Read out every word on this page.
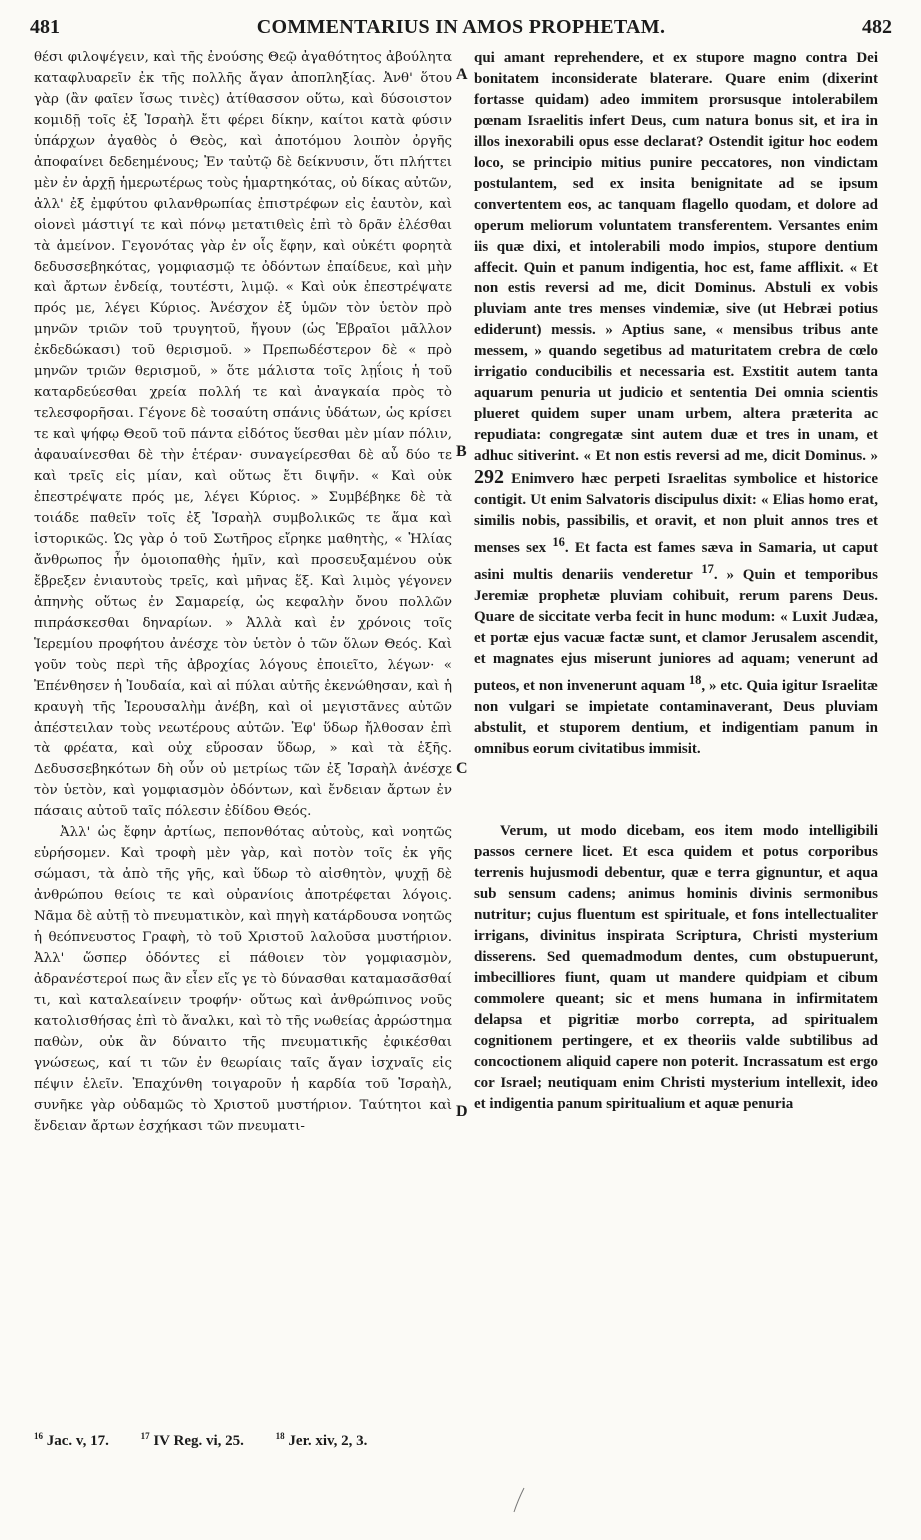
481	COMMENTARIUS IN AMOS PROPHETAM.	482

θέσι φιλοψέγειν, καὶ τῆς ἐνούσης Θεῷ ἀγαθότητος ἀβούλητα καταφλυαρεῖν ἐκ τῆς πολλῆς ἄγαν ἀποπληξίας. Ἀνθ' ὅτου γὰρ (ἂν φαῖεν ἴσως τινὲς) ἀτίθασσον οὕτω, καὶ δύσοιστον κομιδῇ τοῖς ἐξ Ἰσραὴλ ἔτι φέρει δίκην, καίτοι κατὰ φύσιν ὑπάρχων ἀγαθὸς ὁ Θεὸς, καὶ ἀποτόμου λοιπὸν ὀργῆς ἀποφαίνει δεδεημένους; Ἐν ταὐτῷ δὲ δείκνυσιν, ὅτι πλήττει μὲν ἐν ἀρχῇ ἡμερωτέρως τοὺς ἡμαρτηκότας, οὐ δίκας αὐτῶν, ἀλλ' ἐξ ἐμφύτου φιλανθρωπίας ἐπιστρέφων εἰς ἑαυτὸν, καὶ οἱονεὶ μάστιγί τε καὶ πόνῳ μετατιθεὶς ἐπὶ τὸ δρᾶν ἐλέσθαι τὰ ἀμείνον. Γεγονότας γὰρ ἐν οἷς ἔφην, καὶ οὐκέτι φορητὰ δεδυσσεβηκότας, γομφιασμῷ τε ὀδόντων ἐπαίδευε, καὶ μὴν καὶ ἄρτων ἐνδείᾳ, τουτέστι, λιμῷ. « Καὶ οὐκ ἐπεστρέψατε πρός με, λέγει Κύριος. Ἀνέσχον ἐξ ὑμῶν τὸν ὑετὸν πρὸ μηνῶν τριῶν τοῦ τρυγητοῦ, ἤγουν (ὡς Ἑβραῖοι μᾶλλον ἐκδεδώκασι) τοῦ θερισμοῦ. » Πρεπωδέστερον δὲ « πρὸ μηνῶν τριῶν θερισμοῦ, » ὅτε μάλιστα τοῖς λῃΐοις ἡ τοῦ καταρδεύεσθαι χρεία πολλή τε καὶ ἀναγκαία πρὸς τὸ τελεσφορῆσαι. Γέγονε δὲ τοσαύτη σπάνις ὑδάτων, ὡς κρίσει τε καὶ ψήφῳ Θεοῦ τοῦ πάντα εἰδότος ὕεσθαι μὲν μίαν πόλιν, ἀφαυαίνεσθαι δὲ τὴν ἑτέραν· συναγείρεσθαι δὲ αὖ δύο τε καὶ τρεῖς εἰς μίαν, καὶ οὕτως ἔτι διψῆν. « Καὶ οὐκ ἐπεστρέψατε πρός με, λέγει Κύριος. » Συμβέβηκε δὲ τὰ τοιάδε παθεῖν τοῖς ἐξ Ἰσραὴλ συμβολικῶς τε ἅμα καὶ ἱστορικῶς. Ὡς γὰρ ὁ τοῦ Σωτῆρος εἴρηκε μαθητὴς, « Ἠλίας ἄνθρωπος ἦν ὁμοιοπαθὴς ἡμῖν, καὶ προσευξαμένου οὐκ ἔβρεξεν ἐνιαυτοὺς τρεῖς, καὶ μῆνας ἕξ. Καὶ λιμὸς γέγονεν ἀπηνὴς οὕτως ἐν Σαμαρείᾳ, ὡς κεφαλὴν ὄνου πολλῶν πιπράσκεσθαι δηναρίων. » Ἀλλὰ καὶ ἐν χρόνοις τοῖς Ἱερεμίου προφήτου ἀνέσχε τὸν ὑετὸν ὁ τῶν ὅλων Θεός. Καὶ γοῦν τοὺς περὶ τῆς ἀβροχίας λόγους ἐποιεῖτο, λέγων· « Ἐπένθησεν ἡ Ἰουδαία, καὶ αἱ πύλαι αὐτῆς ἐκενώθησαν, καὶ ἡ κραυγὴ τῆς Ἱερουσαλὴμ ἀνέβη, καὶ οἱ μεγιστᾶνες αὐτῶν ἀπέστειλαν τοὺς νεωτέρους αὐτῶν. Ἐφ' ὕδωρ ἤλθοσαν ἐπὶ τὰ φρέατα, καὶ οὐχ εὕροσαν ὕδωρ, » καὶ τὰ ἑξῆς. Δεδυσσεβηκότων δὴ οὖν οὐ μετρίως τῶν ἐξ Ἰσραὴλ ἀνέσχε τὸν ὑετὸν, καὶ γομφιασμὸν ὀδόντων, καὶ ἔνδειαν ἄρτων ἐν πάσαις αὐτοῦ ταῖς πόλεσιν ἐδίδου Θεός.

Ἀλλ' ὡς ἔφην ἀρτίως, πεπονθότας αὐτοὺς, καὶ νοητῶς εὑρήσομεν. Καὶ τροφὴ μὲν γὰρ, καὶ ποτὸν τοῖς ἐκ γῆς σώμασι, τὰ ἀπὸ τῆς γῆς, καὶ ὕδωρ τὸ αἰσθητὸν, ψυχῇ δὲ ἀνθρώπου θείοις τε καὶ οὐρανίοις ἀποτρέφεται λόγοις. Νᾶμα δὲ αὐτῇ τὸ πνευματικὸν, καὶ πηγὴ κατάρδουσα νοητῶς ἡ θεόπνευστος Γραφὴ, τὸ τοῦ Χριστοῦ λαλοῦσα μυστήριον. Ἀλλ' ὥσπερ ὀδόντες εἰ πάθοιεν τὸν γομφιασμὸν, ἀδρανέστεροί πως ἂν εἶεν εἴς γε τὸ δύνασθαι καταμασᾶσθαί τι, καὶ καταλεαίνειν τροφήν· οὕτως καὶ ἀνθρώπινος νοῦς κατολισθήσας ἐπὶ τὸ ἄναλκι, καὶ τὸ τῆς νωθείας ἀρρώστημα παθὼν, οὐκ ἂν δύναιτο τῆς πνευματικῆς ἐφικέσθαι γνώσεως, καί τι τῶν ἐν θεωρίαις ταῖς ἄγαν ἰσχναῖς εἰς πέψιν ἑλεῖν. Ἐπαχύνθη τοιγαροῦν ἡ καρδία τοῦ Ἰσραὴλ, συνῆκε γὰρ οὐδαμῶς τὸ Χριστοῦ μυστήριον. Ταύτητοι καὶ ἔνδειαν ἄρτων ἐσχήκασι τῶν πνευματι-

A
B
C
D

qui amant reprehendere, et ex stupore magno contra Dei bonitatem inconsiderate blaterare. Quare enim (dixerint fortasse quidam) adeo immitem prorsusque intolerabilem pœnam Israelitis infert Deus, cum natura bonus sit, et ira in illos inexorabili opus esse declarat? Ostendit igitur hoc eodem loco, se principio mitius punire peccatores, non vindictam postulantem, sed ex insita benignitate ad se ipsum convertentem eos, ac tanquam flagello quodam, et dolore ad operum meliorum voluntatem transferentem. Versantes enim iis quæ dixi, et intolerabili modo impios, stupore dentium affecit. Quin et panum indigentia, hoc est, fame afflixit. « Et non estis reversi ad me, dicit Dominus. Abstuli ex vobis pluviam ante tres menses vindemiæ, sive (ut Hebræi potius ediderunt) messis. » Aptius sane, « mensibus tribus ante messem, » quando segetibus ad maturitatem crebra de cœlo irrigatio conducibilis et necessaria est. Exstitit autem tanta aquarum penuria ut judicio et sententia Dei omnia scientis plueret quidem super unam urbem, altera præterita ac repudiata: congregatæ sint autem duæ et tres in unam, et adhuc sitiverint. « Et non estis reversi ad me, dicit Dominus. » 292 Enimvero hæc perpeti Israelitas symbolice et historice contigit. Ut enim Salvatoris discipulus dixit: « Elias homo erat, similis nobis, passibilis, et oravit, et non pluit annos tres et menses sex $^{16}$. Et facta est fames sæva in Samaria, ut caput asini multis denariis venderetur $^{17}$. » Quin et temporibus Jeremiæ prophetæ pluviam cohibuit, rerum parens Deus. Quare de siccitate verba fecit in hunc modum: « Luxit Judæa, et portæ ejus vacuæ factæ sunt, et clamor Jerusalem ascendit, et magnates ejus miserunt juniores ad aquam; venerunt ad puteos, et non invenerunt aquam $^{18}$, » etc. Quia igitur Israelitæ non vulgari se impietate contaminaverant, Deus pluviam abstulit, et stuporem dentium, et indigentiam panum in omnibus eorum civitatibus immisit.

Verum, ut modo dicebam, eos item modo intelligibili passos cernere licet. Et esca quidem et potus corporibus terrenis hujusmodi debentur, quæ e terra gignuntur, et aqua sub sensum cadens; animus hominis divinis sermonibus nutritur; cujus fluentum est spirituale, et fons intellectualiter irrigans, divinitus inspirata Scriptura, Christi mysterium disserens. Sed quemadmodum dentes, cum obstupuerunt, imbecilliores fiunt, quam ut mandere quidpiam et cibum commolere queant; sic et mens humana in infirmitatem delapsa et pigritiæ morbo correpta, ad spiritualem cognitionem pertingere, et ex theoriis valde subtilibus ad concoctionem aliquid capere non poterit. Incrassatum est ergo cor Israel; neutiquam enim Christi mysterium intellexit, ideo et indigentia panum spiritualium et aquæ penuria

$^{16}$ Jac. v, 17.	$^{17}$ IV Reg. vi, 25.	$^{18}$ Jer. xiv, 2, 3.
